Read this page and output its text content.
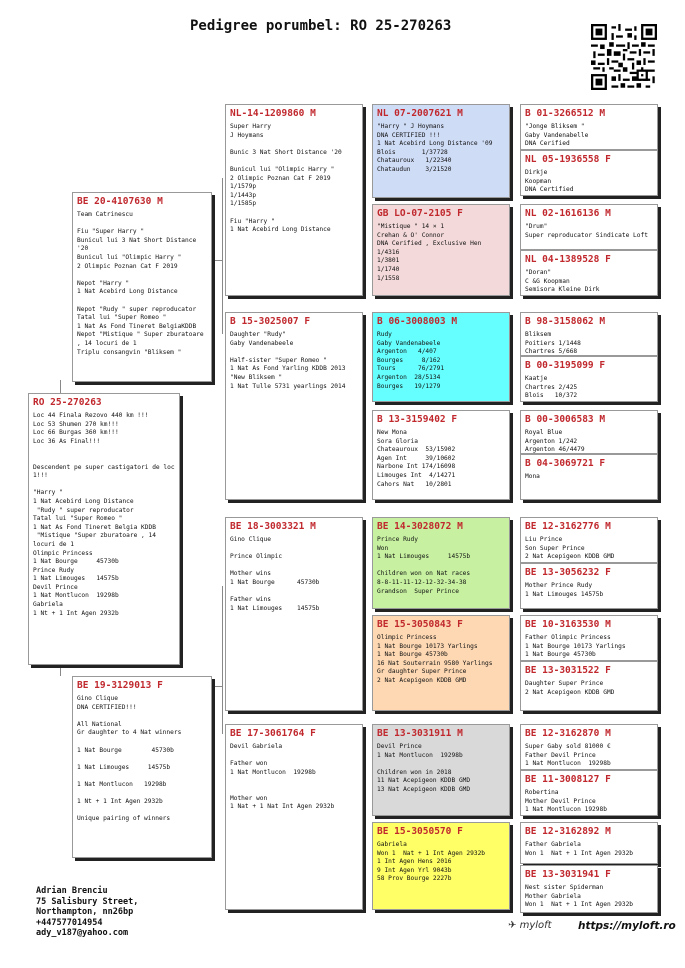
Pedigree porumbel: RO 25-270263
RO 25-270263
Loc 44 Finala Rezovo 440 km !!!
Loc 53 Shumen 270 km!!!
Loc 66 Burgas 360 km!!!
Loc 36 As Final!!!

Descendent pe super castigatori de loc 1!!!

"Harry "
1 Nat Acebird Long Distance
"Rudy " super reproducator
Tatal lui "Super Romeo "
1 Nat As Fond Tineret Belgia KDDB
"Mistique "Super zburatoare , 14 locuri de 1
Olimpic Princess
1 Nat Bourge     45730b
Prince Rudy
1 Nat Limouges   14575b
Devil Prince
1 Nat Montlucon  19298b
Gabriela
1 Nt + 1 Int Agen 2932b
BE 20-4107630 M
Team Catrinescu

Fiu "Super Harry "
Bunicul lui 3 Nat Short Distance '20
Bunicul lui "Olimpic Harry "
2 Olimpic Poznan Cat F 2019

Nepot "Harry "
1 Nat Acebird Long Distance

Nepot "Rudy " super reproducator
Tatal lui "Super Romeo "
1 Nat As Fond Tineret BelgiaKDDB
Nepot "Mistique " Super zburatoare , 14 locuri de 1
Triplu consangvin "Bliksem "
BE 19-3129013 F
Gino Clique
DNA CERTIFIED!!!

All National
Gr daughter to 4 Nat winners

1 Nat Bourge        45730b

1 Nat Limouges     14575b

1 Nat Montlucon   19298b

1 Nt + 1 Int Agen 2932b

Unique pairing of winners
NL-14-1209860 M
Super Harry
J Hoymans

Bunic 3 Nat Short Distance '20

Bunicul lui "Olimpic Harry "
2 Olimpic Poznan Cat F 2019
1/1579p
1/1443p
1/1585p

Fiu "Harry "
1 Nat Acebird Long Distance
B 15-3025007 F
Daughter "Rudy"
Gaby Vandenabeele

Half-sister "Super Romeo "
1 Nat As Fond Yarling KDDB 2013
"New Bliksem "
1 Nat Tulle 5731 yearlings 2014
BE 18-3003321 M
Gino Clique

Prince Olimpic

Mother wins
1 Nat Bourge      45730b

Father wins
1 Nat Limouges    14575b
BE 17-3061764 F
Devil Gabriela

Father won
1 Nat Montlucon  19298b

Mother won
1 Nat + 1 Nat Int Agen 2932b
NL 07-2007621 M
"Harry " J Hoymans
DNA CERTIFIED !!!
1 Nat Acebird Long Distance '09
Blois       1/37728
Chatauroux   1/22340
Chataudun    3/21520
GB LO-07-2105 F
"Mistique " 14 × 1
Crehan & O' Connor
DNA Cerified , Exclusive Hen
1/4316
1/3801
1/1740
1/1558
B 06-3008003 M
Rudy
Gaby Vandenabeele
Argenton   4/407
Bourges     8/162
Tours      76/2791
Argenton  28/5134
Bourges   19/1279
B 13-3159402 F
New Mona
Sora Gloria
Chateauroux  53/15902
Agen Int     39/10602
Narbone Int 174/16098
Limouges Int  4/14271
Cahors Nat   10/2801
BE 14-3028072 M
Prince Rudy
Won
1 Nat Limouges     14575b

Children won on Nat races
8-8-11-11-12-12-32-34-38
Grandson  Super Prince
BE 15-3050843 F
Olimpic Princess
1 Nat Bourge 10173 Yarlings
1 Nat Bourge 45730b
16 Nat Souterrain 9580 Yarlings
Gr daughter Super Prince
2 Nat Acepigeon KDDB GMD
BE 13-3031911 M
Devil Prince
1 Nat Montlucon  19298b

Children won in 2018
11 Nat Acepigeon KDDB GMD
13 Nat Acepigeon KDDB GMD
BE 15-3050570 F
Gabriela
Won 1  Nat + 1 Int Agen 2932b
1 Int Agen Hens 2016
9 Int Agen Yrl 9043b
58 Prov Bourge 2227b
B 01-3266512 M
"Jonge Bliksem "
Gaby Vandenabelle
DNA Cerified
NL 05-1936558 F
Dirkje
Koopman
DNA Certified
NL 02-1616136 M
"Drum"
Super reproducator Sindicate Loft
NL 04-1389528 F
"Doran"
C &G Koopman
Semisora Kleine Dirk
B 98-3158062 M
Bliksem
Poitiers 1/1448
Chartres 5/668
B 00-3195099 F
Kaatje
Chartres 2/425
Blois   10/372
B 00-3006583 M
Royal Blue
Argenton 1/242
Argenton 46/4479
B 04-3069721 F
Mona
BE 12-3162776 M
Liu Prince
Son Super Prince
2 Nat Acepigeon KDDB GMD
BE 13-3056232 F
Mother Prince Rudy
1 Nat Limouges 14575b
BE 10-3163530 M
Father Olimpic Princess
1 Nat Bourge 10173 Yarlings
1 Nat Bourge 45730b
BE 13-3031522 F
Daughter Super Prince
2 Nat Acepigeon KDDB GMD
BE 12-3162870 M
Super Gaby sold 81000 €
Father Devil Prince
1 Nat Montlucon  19298b
BE 11-3008127 F
Robertina
Mother Devil Prince
1 Nat Montlucon 19298b
BE 12-3162892 M
Father Gabriela
Won 1  Nat + 1 Int Agen 2932b
BE 13-3031941 F
Nest sister Spiderman
Mother Gabriela
Won 1  Nat + 1 Int Agen 2932b
Adrian Brenciu
75 Salisbury Street,
Northampton, nn26bp
+447577014954
ady_v187@yahoo.com
✈ myloft	https://myloft.ro
